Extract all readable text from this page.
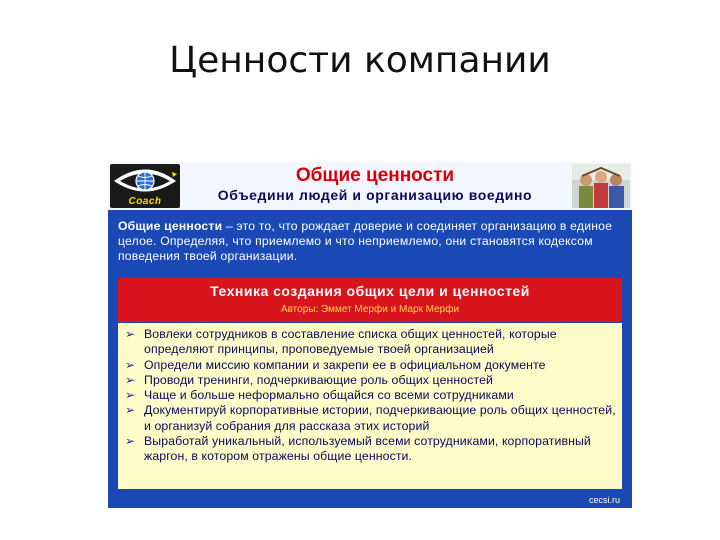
Ценности компании
Coach
Общие ценности
Объедини людей и организацию воедино
Общие ценности – это то, что рождает доверие и соединяет организацию в единое целое. Определяя, что приемлемо и что неприемлемо, они становятся кодексом поведения твоей организации.
Техника создания общих цели и ценностей
Авторы: Эммет Мерфи и Марк Мерфи
➢ Вовлеки сотрудников в составление списка общих ценностей, которые определяют принципы, проповедуемые твоей организацией
➢ Определи миссию компании и закрепи ее в официальном документе
➢ Проводи тренинги, подчеркивающие роль общих ценностей
➢ Чаще и больше неформально общайся со всеми сотрудниками
➢ Документируй корпоративные истории, подчеркивающие роль общих ценностей, и организуй собрания для рассказа этих историй
➢ Выработай уникальный, используемый всеми сотрудниками, корпоративный жаргон, в котором отражены общие ценности.
cecsi.ru
